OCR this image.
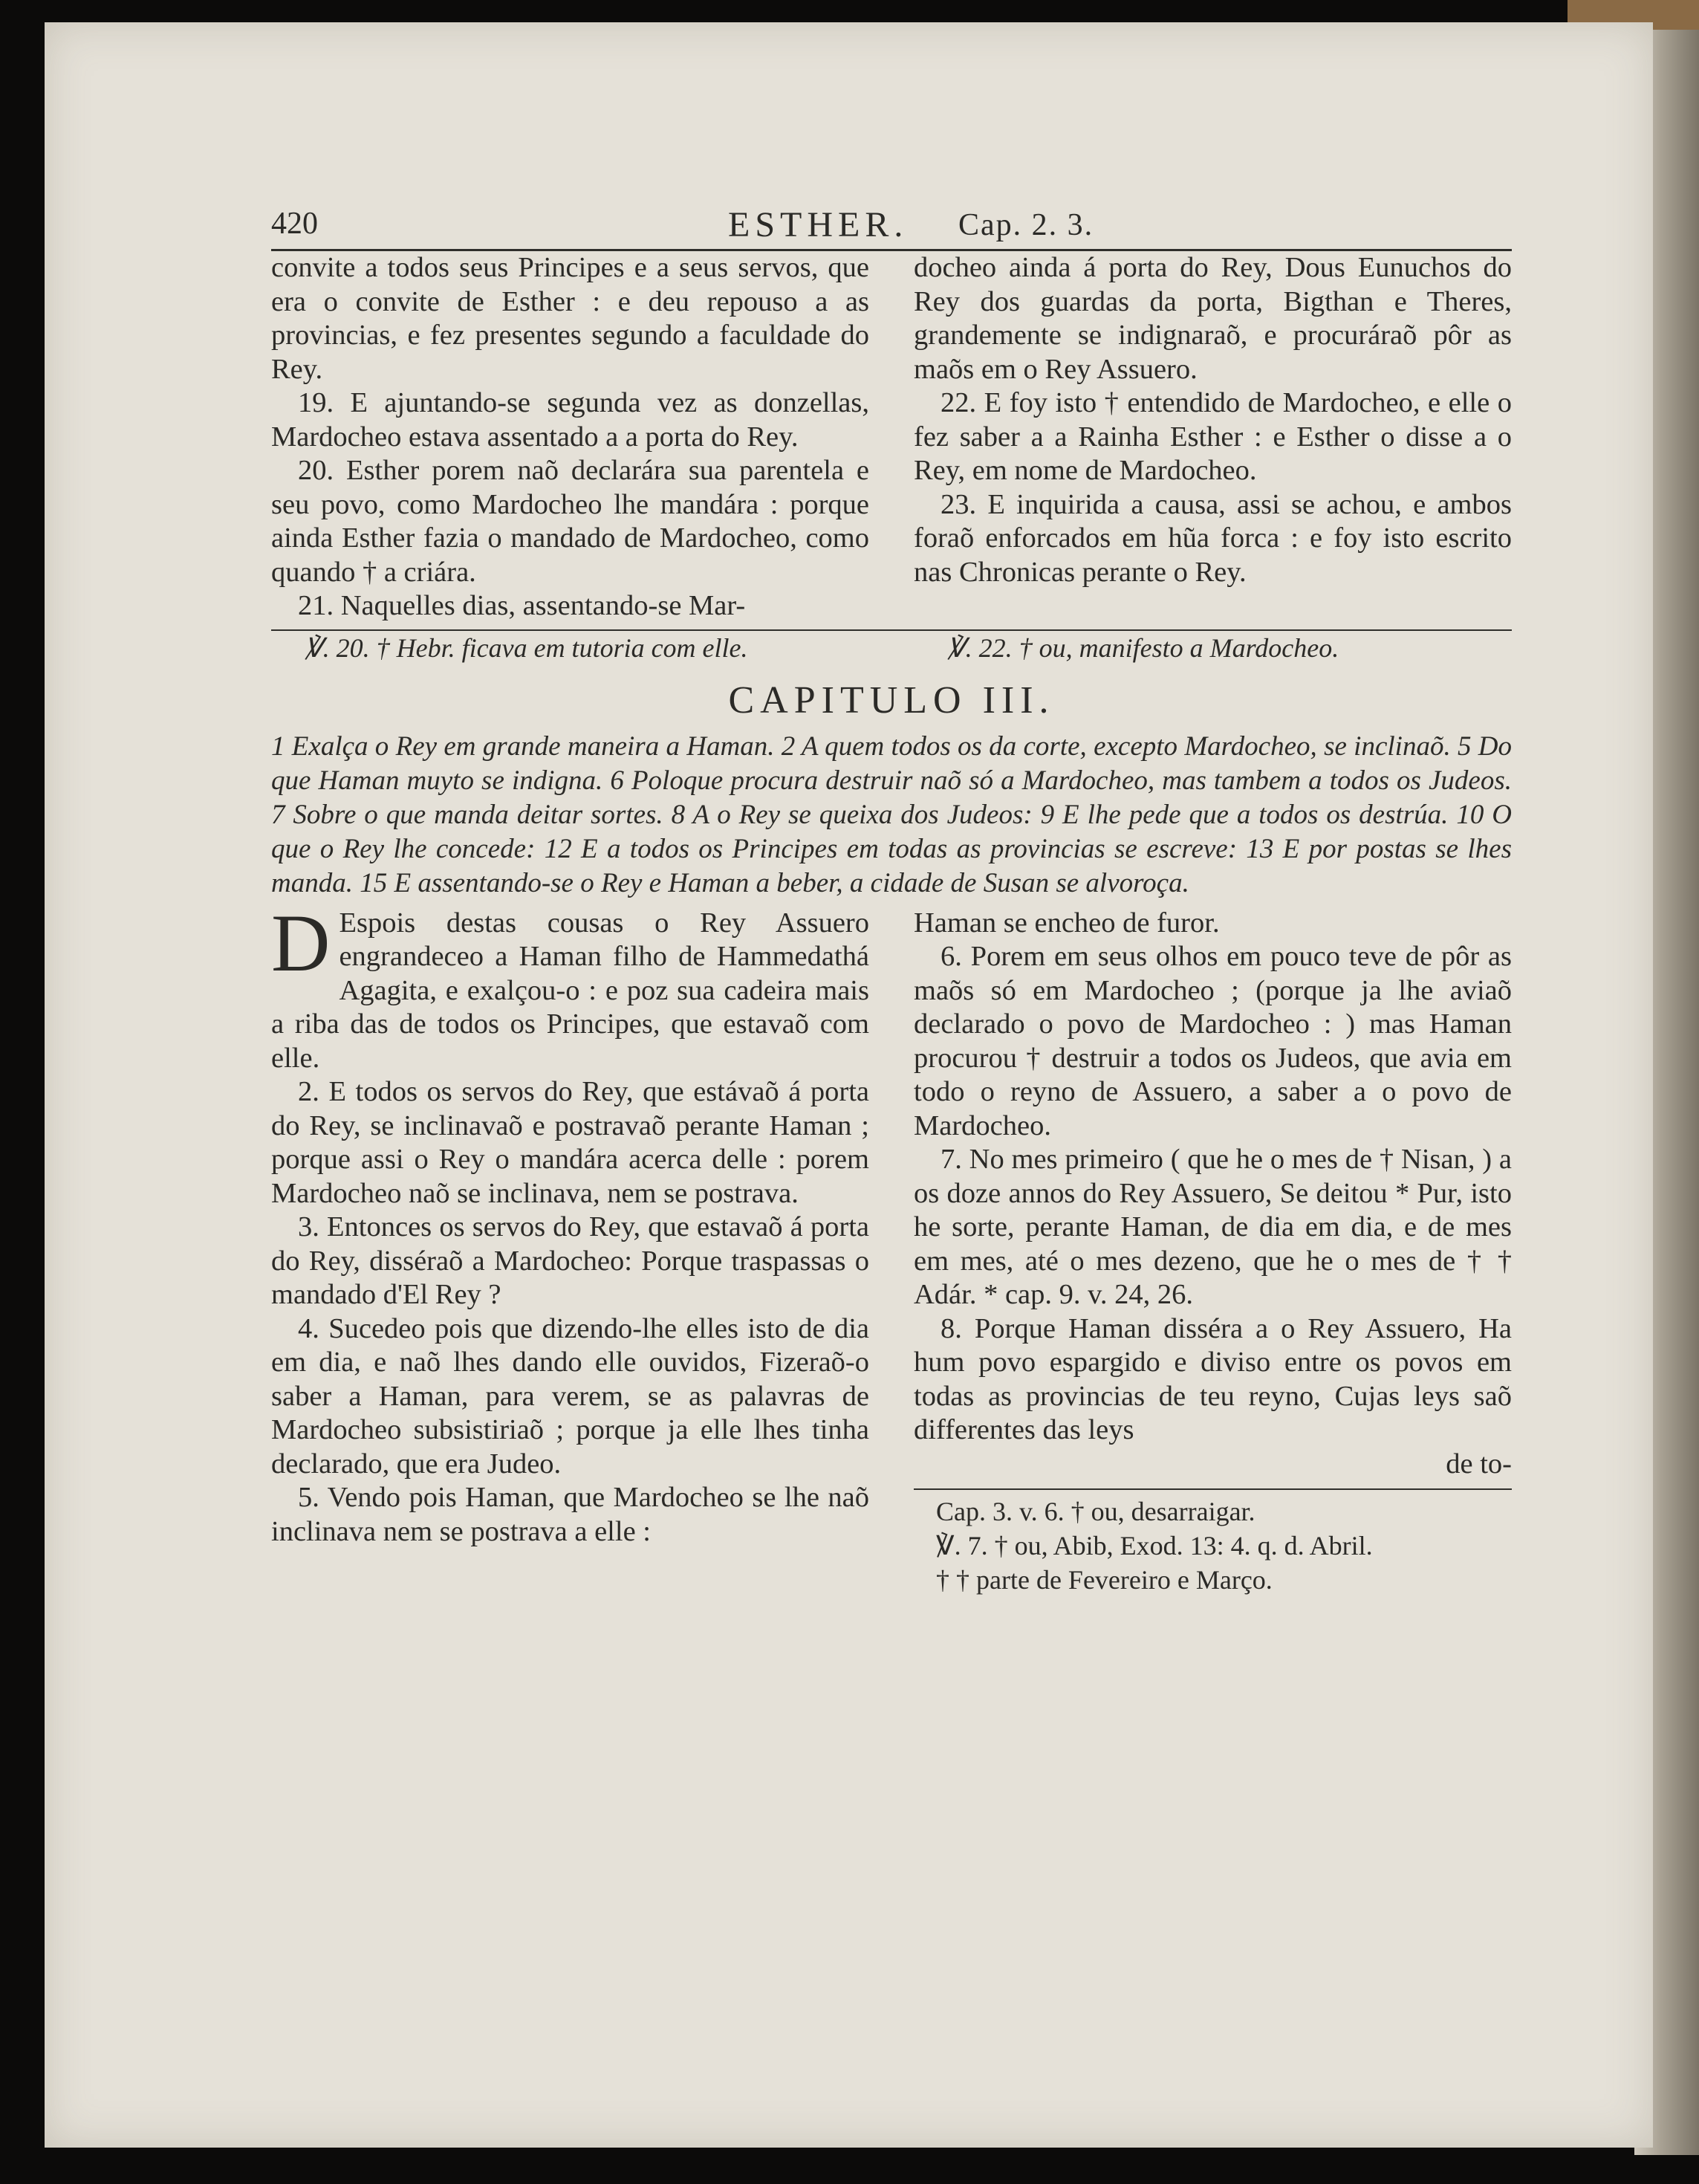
420	ESTHER. Cap. 2. 3.

convite a todos seus Principes e a seus servos, que era o convite de Esther : e deu repouso a as provincias, e fez presentes segundo a faculdade do Rey.

19. E ajuntando-se segunda vez as donzellas, Mardocheo estava assentado a a porta do Rey.

20. Esther porem naõ declarára sua parentela e seu povo, como Mardocheo lhe mandára : porque ainda Esther fazia o mandado de Mardocheo, como quando † a criára.

21. Naquelles dias, assentando-se Mar-

docheo ainda á porta do Rey, Dous Eunuchos do Rey dos guardas da porta, Bigthan e Theres, grandemente se indignaraõ, e procuráraõ pôr as maõs em o Rey Assuero.

22. E foy isto † entendido de Mardocheo, e elle o fez saber a a Rainha Esther : e Esther o disse a o Rey, em nome de Mardocheo.

23. E inquirida a causa, assi se achou, e ambos foraõ enforcados em hũa forca : e foy isto escrito nas Chronicas perante o Rey.

℣. 20. † Hebr. ficava em tutoria com elle.	℣. 22. † ou, manifesto a Mardocheo.
CAPITULO III.

1 Exalça o Rey em grande maneira a Haman. 2 A quem todos os da corte, excepto Mardocheo, se inclinaõ. 5 Do que Haman muyto se indigna. 6 Poloque procura destruir naõ só a Mardocheo, mas tambem a todos os Judeos. 7 Sobre o que manda deitar sortes. 8 A o Rey se queixa dos Judeos: 9 E lhe pede que a todos os destrúa. 10 O que o Rey lhe concede: 12 E a todos os Principes em todas as provincias se escreve: 13 E por postas se lhes manda. 15 E assentando-se o Rey e Haman a beber, a cidade de Susan se alvoroça.

D Espois destas cousas o Rey Assuero engrandeceo a Haman filho de Hammedathá Agagita, e exalçou-o : e poz sua cadeira mais a riba das de todos os Principes, que estavaõ com elle.

2. E todos os servos do Rey, que estávaõ á porta do Rey, se inclinavaõ e postravaõ perante Haman ; porque assi o Rey o mandára acerca delle : porem Mardocheo naõ se inclinava, nem se postrava.

3. Entonces os servos do Rey, que estavaõ á porta do Rey, disséraõ a Mardocheo: Porque traspassas o mandado d'El Rey ?

4. Sucedeo pois que dizendo-lhe elles isto de dia em dia, e naõ lhes dando elle ouvidos, Fizeraõ-o saber a Haman, para verem, se as palavras de Mardocheo subsistiriaõ ; porque ja elle lhes tinha declarado, que era Judeo.

5. Vendo pois Haman, que Mardocheo se lhe naõ inclinava nem se postrava a elle :

Haman se encheo de furor.

6. Porem em seus olhos em pouco teve de pôr as maõs só em Mardocheo ; (porque ja lhe aviaõ declarado o povo de Mardocheo : ) mas Haman procurou † destruir a todos os Judeos, que avia em todo o reyno de Assuero, a saber a o povo de Mardocheo.

7. No mes primeiro ( que he o mes de † Nisan, ) a os doze annos do Rey Assuero, Se deitou * Pur, isto he sorte, perante Haman, de dia em dia, e de mes em mes, até o mes dezeno, que he o mes de † † Adár. * cap. 9. v. 24, 26.

8. Porque Haman disséra a o Rey Assuero, Ha hum povo espargido e diviso entre os povos em todas as provincias de teu reyno, Cujas leys saõ differentes das leys

de to-

Cap. 3. v. 6. † ou, desarraigar.
℣. 7. † ou, Abib, Exod. 13: 4. q. d. Abril.
† † parte de Fevereiro e Março.
